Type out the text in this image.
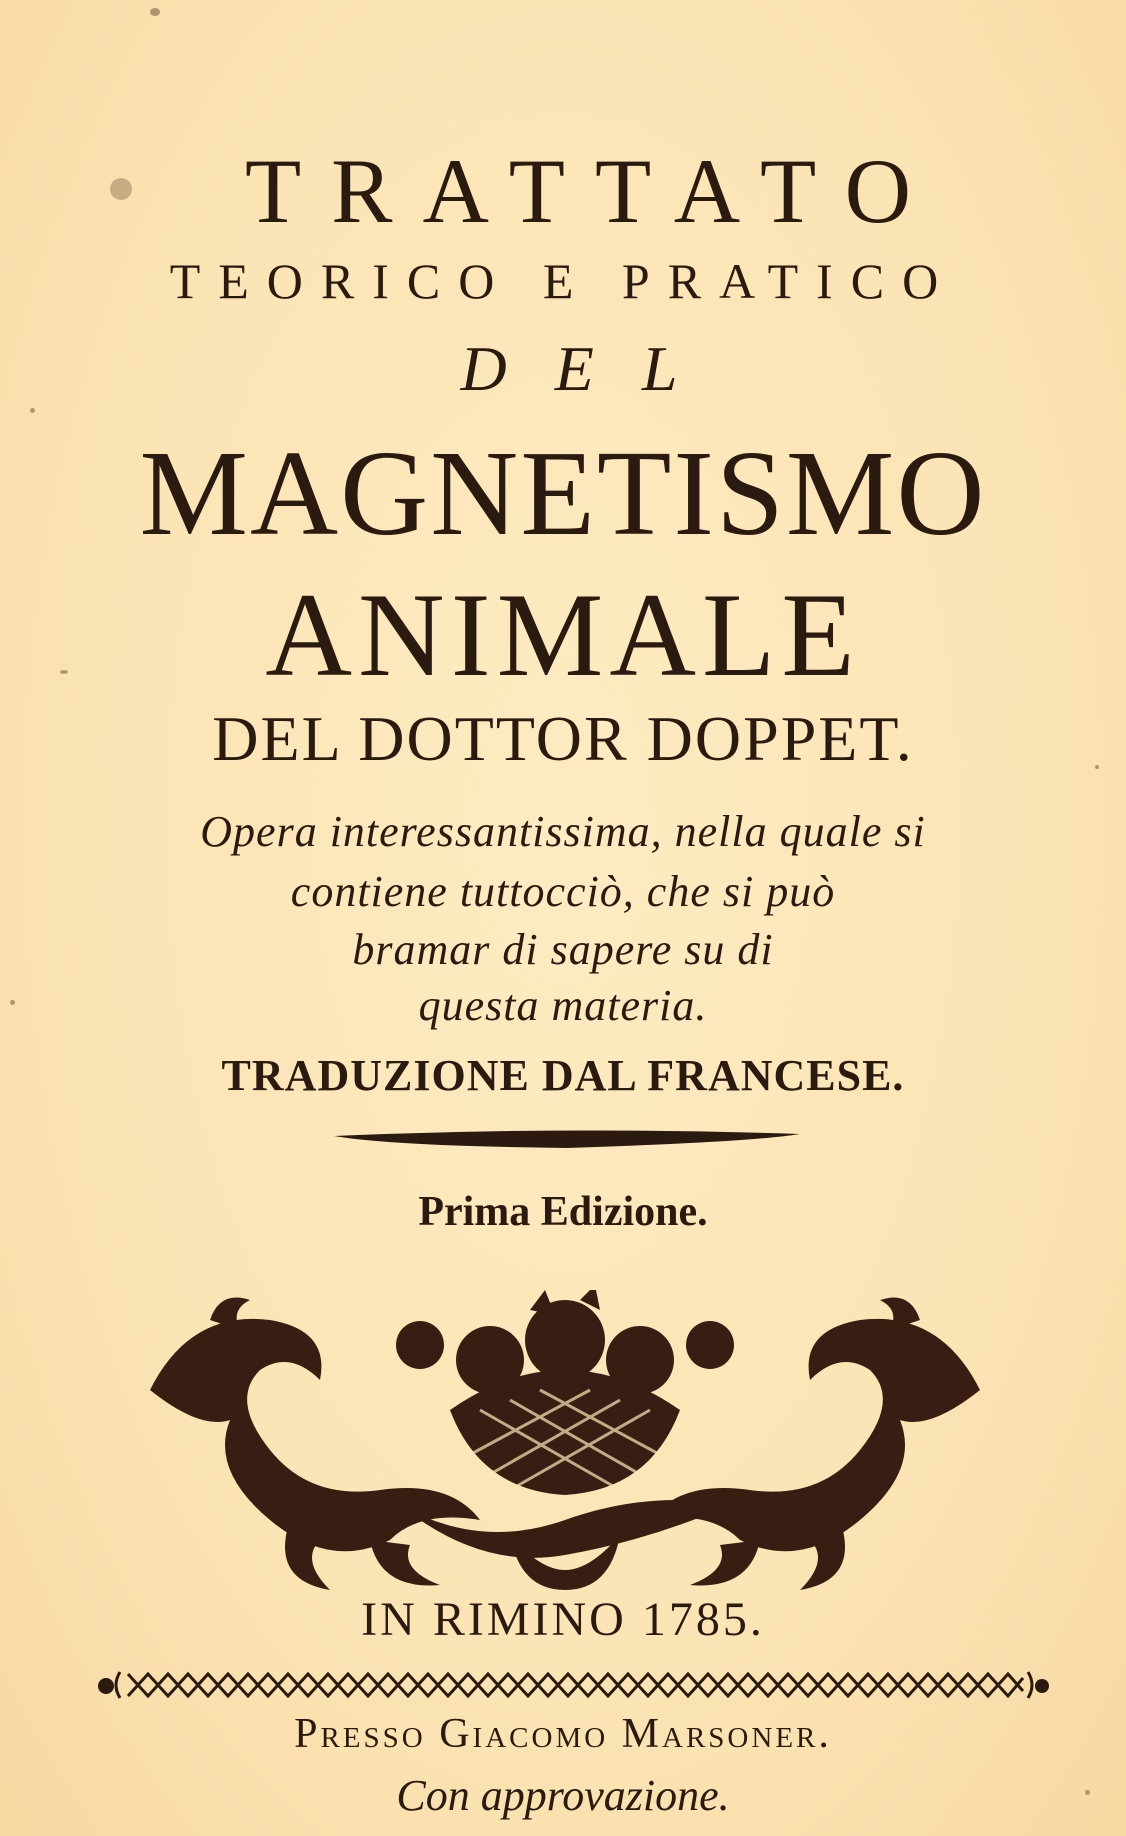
TRATTATO
TEORICO E PRATICO
DEL
MAGNETISMO
ANIMALE
DEL DOTTOR DOPPET.
Opera interessantissima, nella quale si
contiene tuttocciò, che si può
bramar di sapere su di
questa materia.
TRADUZIONE DAL FRANCESE.
Prima Edizione.
IN RIMINO 1785.
Presso Giacomo Marsoner.
Con approvazione.
